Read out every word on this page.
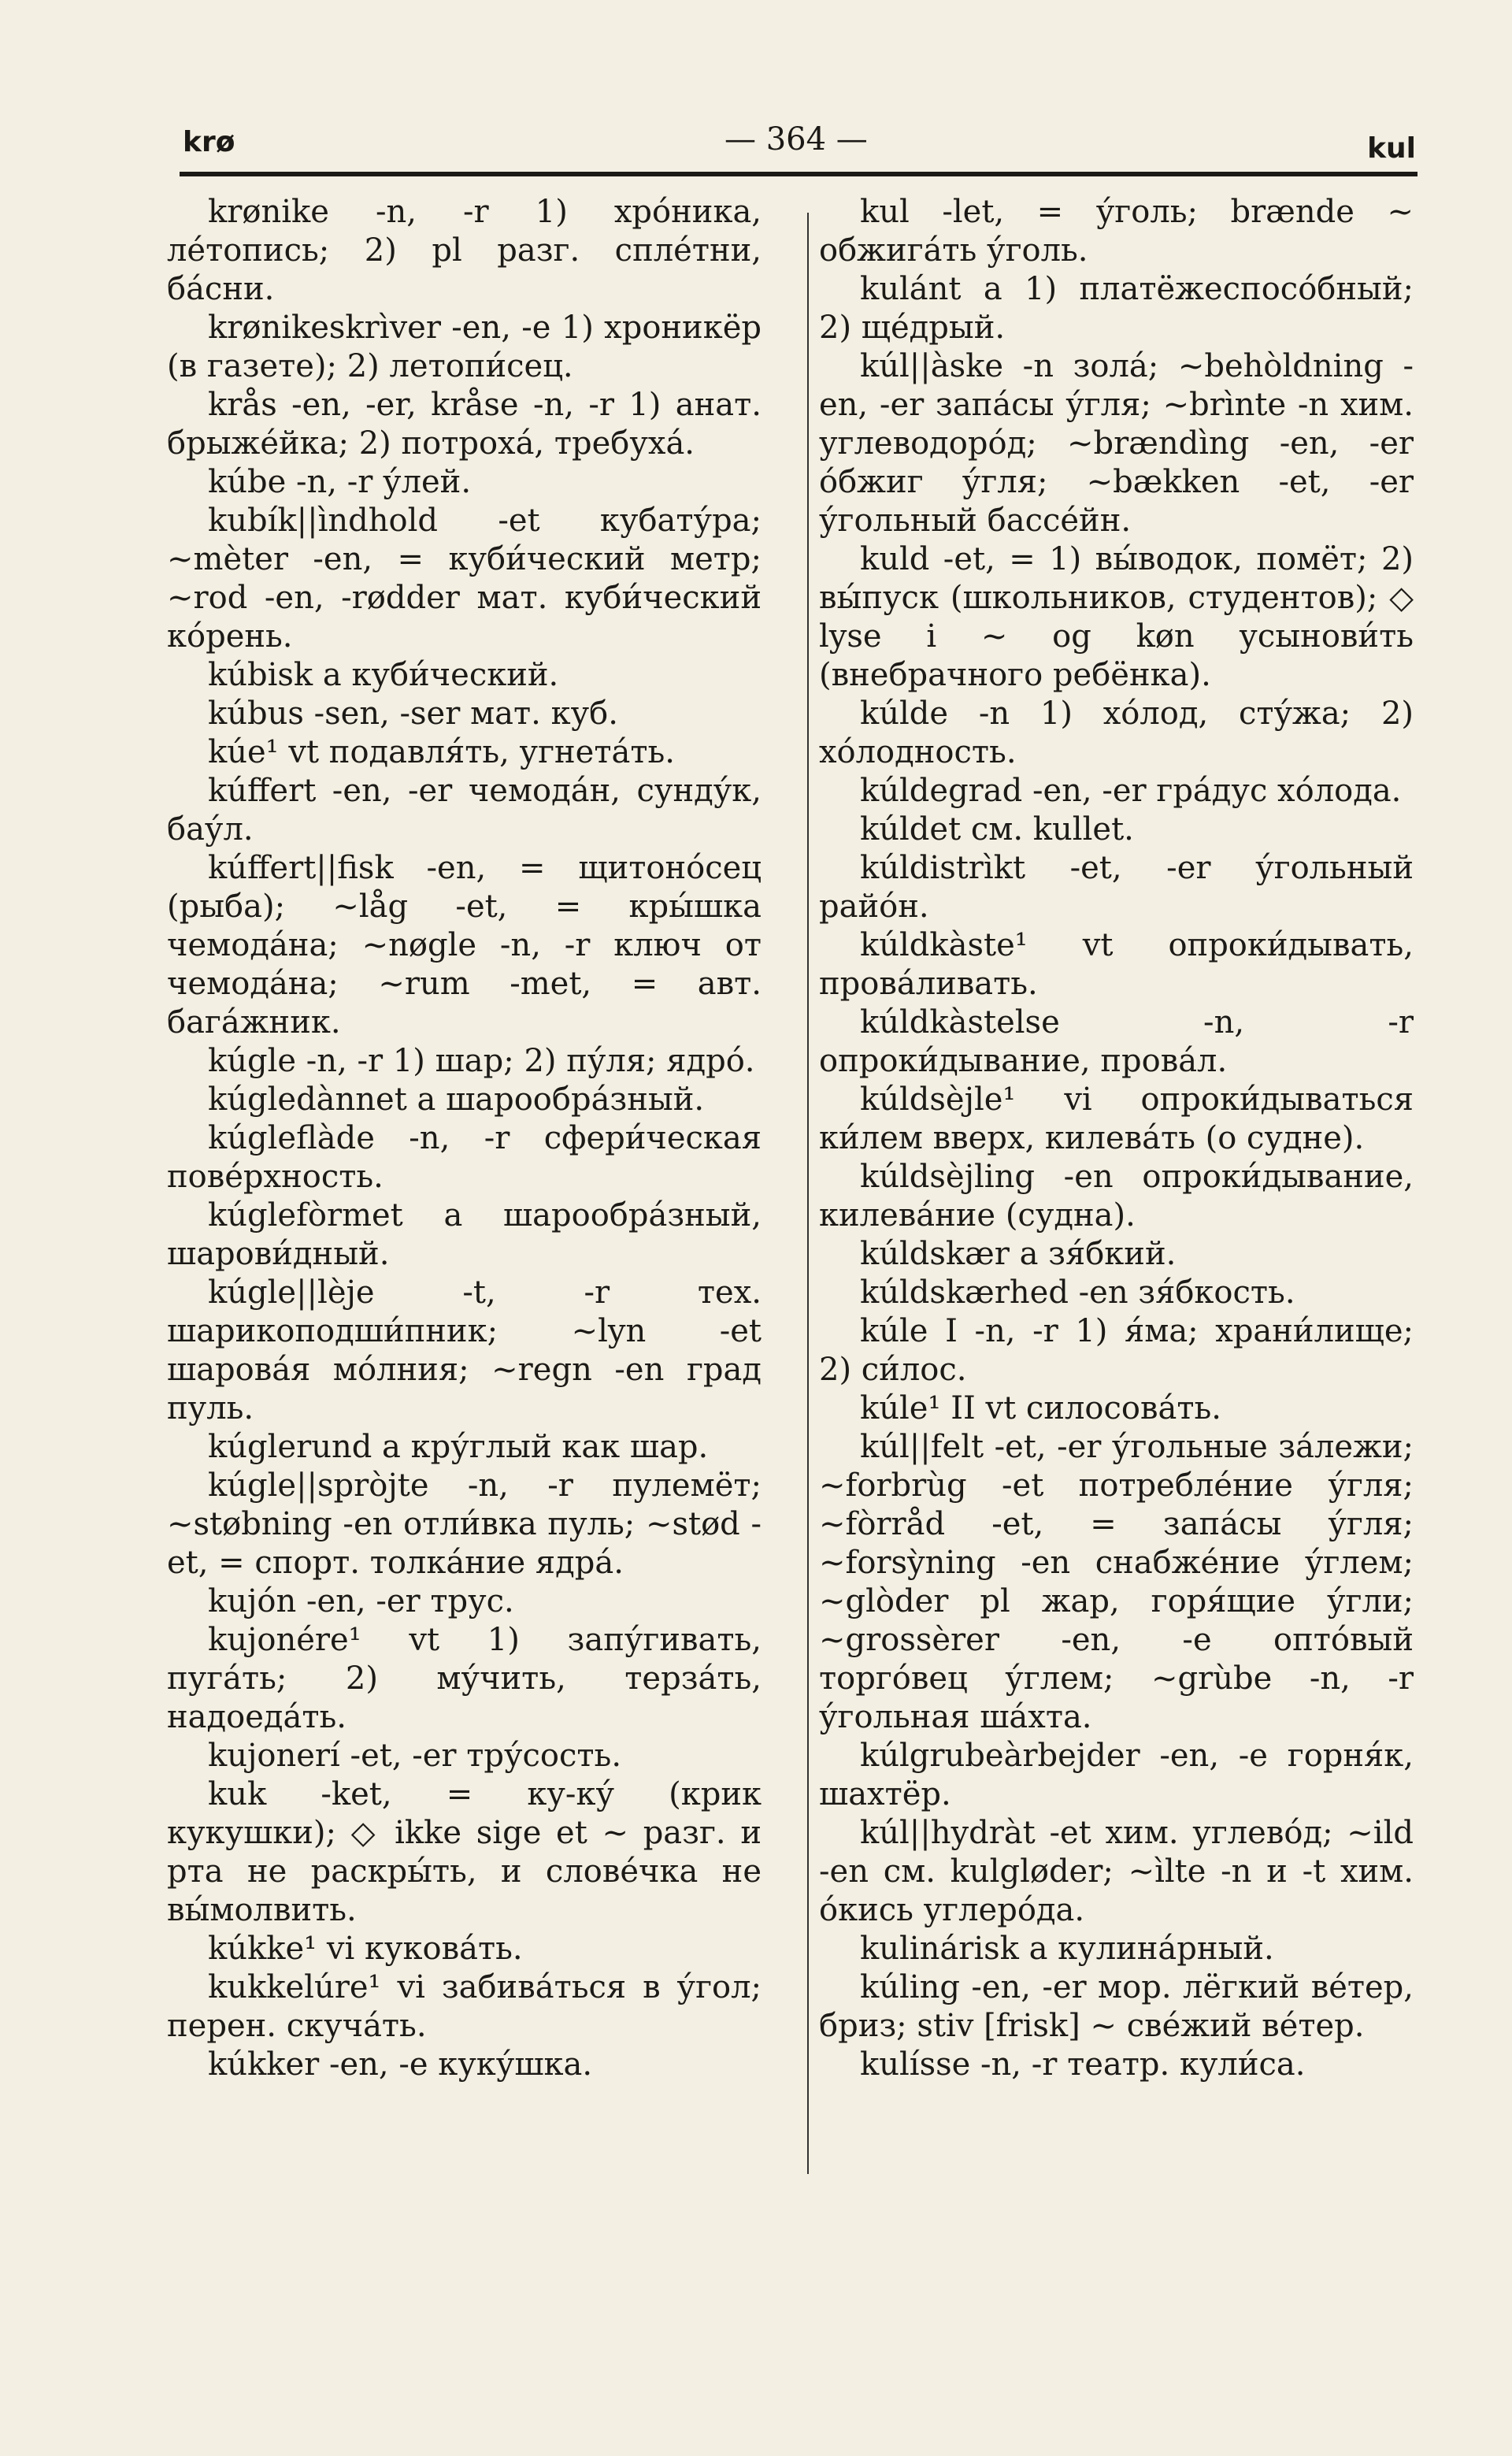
krø	— 364 —	kul

krønike -n, -r 1) хро́ника, ле́топись; 2) pl разг. спле́тни, ба́сни.

krønikeskrìver -en, -e 1) хроникёр (в газете); 2) летопи́сец.

krås -en, -er, kråse -n, -r 1) анат. брыже́йка; 2) потроха́, требуха́.

kúbe -n, -r у́лей.

kubík||ìndhold -et кубату́ра; ~mèter -en, = куби́ческий метр; ~rod -en, -rødder мат. куби́ческий ко́рень.

kúbisk a куби́ческий.

kúbus -sen, -ser мат. куб.

kúe¹ vt подавля́ть, угнета́ть.

kúffert -en, -er чемода́н, сунду́к, бау́л.

kúffert||fisk -en, = щитоно́сец (рыба); ~låg -et, = кры́шка чемода́на; ~nøgle -n, -r ключ от чемода́на; ~rum -met, = авт. бага́жник.

kúgle -n, -r 1) шар; 2) пу́ля; ядро́.

kúgledànnet a шарообра́зный.

kúgleflàde -n, -r сфери́ческая пове́рхность.

kúglefòrmet a шарообра́зный, шарови́дный.

kúgle||lèje -t, -r тех. шарикоподши́пник; ~lyn -et шарова́я мо́лния; ~regn -en град пуль.

kúglerund a кру́глый как шар.

kúgle||spròjte -n, -r пулемёт; ~støbning -en отли́вка пуль; ~stød -et, = спорт. толка́ние ядра́.

kujón -en, -er трус.

kujonére¹ vt 1) запу́гивать, пуга́ть; 2) му́чить, терза́ть, надоеда́ть.

kujonerí -et, -er тру́сость.

kuk -ket, = ку-ку́ (крик кукушки); ◇ ikke sige et ~ разг. и рта не раскры́ть, и слове́чка не вы́молвить.

kúkke¹ vi кукова́ть.

kukkelúre¹ vi забива́ться в у́гол; перен. скуча́ть.

kúkker -en, -e куку́шка.

kul -let, = у́голь; brænde ~ обжига́ть у́голь.

kulánt a 1) платёжеспосо́бный; 2) ще́дрый.

kúl||àske -n зола́; ~behòldning -en, -er запа́сы у́гля; ~brìnte -n хим. углеводоро́д; ~brændìng -en, -er о́бжиг у́гля; ~bækken -et, -er у́гольный бассе́йн.

kuld -et, = 1) вы́водок, помёт; 2) вы́пуск (школьников, студентов); ◇ lyse i ~ og køn усынови́ть (внебрачного ребёнка).

kúlde -n 1) хо́лод, сту́жа; 2) хо́лодность.

kúldegrad -en, -er гра́дус хо́лода.

kúldet см. kullet.

kúldistrìkt -et, -er у́гольный райо́н.

kúldkàste¹ vt опроки́дывать, прова́ливать.

kúldkàstelse -n, -r опроки́дывание, прова́л.

kúldsèjle¹ vi опроки́дываться ки́лем вверх, килева́ть (о судне).

kúldsèjling -en опроки́дывание, килева́ние (судна).

kúldskær a зя́бкий.

kúldskærhed -en зя́бкость.

kúle I -n, -r 1) я́ма; храни́лище; 2) си́лос.

kúle¹ II vt силосова́ть.

kúl||felt -et, -er у́гольные за́лежи; ~forbrùg -et потребле́ние у́гля; ~fòrråd -et, = запа́сы у́гля; ~forsỳning -en снабже́ние у́глем; ~glòder pl жар, горя́щие у́гли; ~grossèrer -en, -e опто́вый торго́вец у́глем; ~grùbe -n, -r у́гольная ша́хта.

kúlgrubeàrbejder -en, -e горня́к, шахтёр.

kúl||hydràt -et хим. углево́д; ~ild -en см. kulgløder; ~ìlte -n и -t хим. о́кись углеро́да.

kulinárisk a кулина́рный.

kúling -en, -er мор. лёгкий ве́тер, бриз; stiv [frisk] ~ све́жий ве́тер.

kulísse -n, -r театр. кули́са.
